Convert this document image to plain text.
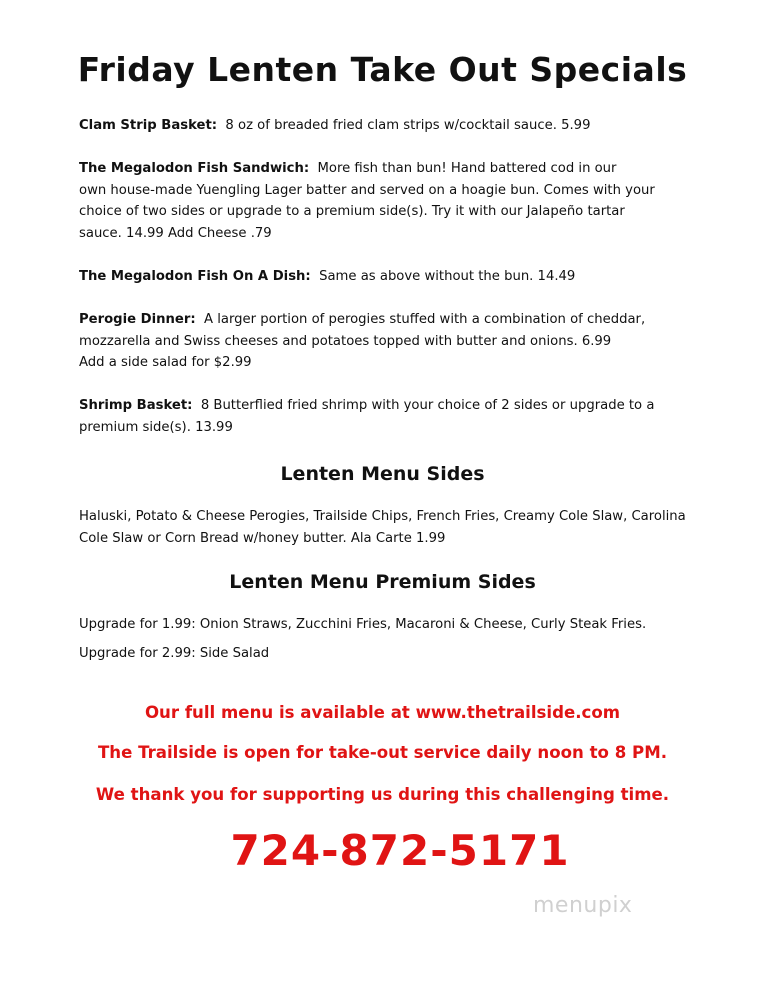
Friday Lenten Take Out Specials
Clam Strip Basket: 8 oz of breaded fried clam strips w/cocktail sauce. 5.99
The Megalodon Fish Sandwich: More fish than bun! Hand battered cod in our
own house-made Yuengling Lager batter and served on a hoagie bun. Comes with your
choice of two sides or upgrade to a premium side(s). Try it with our Jalapeño tartar
sauce. 14.99 Add Cheese .79
The Megalodon Fish On A Dish: Same as above without the bun. 14.49
Perogie Dinner: A larger portion of perogies stuffed with a combination of cheddar,
mozzarella and Swiss cheeses and potatoes topped with butter and onions. 6.99
Add a side salad for $2.99
Shrimp Basket: 8 Butterflied fried shrimp with your choice of 2 sides or upgrade to a
premium side(s). 13.99
Lenten Menu Sides
Haluski, Potato & Cheese Perogies, Trailside Chips, French Fries, Creamy Cole Slaw, Carolina
Cole Slaw or Corn Bread w/honey butter. Ala Carte 1.99
Lenten Menu Premium Sides
Upgrade for 1.99: Onion Straws, Zucchini Fries, Macaroni & Cheese, Curly Steak Fries.
Upgrade for 2.99: Side Salad
Our full menu is available at www.thetrailside.com
The Trailside is open for take-out service daily noon to 8 PM.
We thank you for supporting us during this challenging time.
724-872-5171
menupix
